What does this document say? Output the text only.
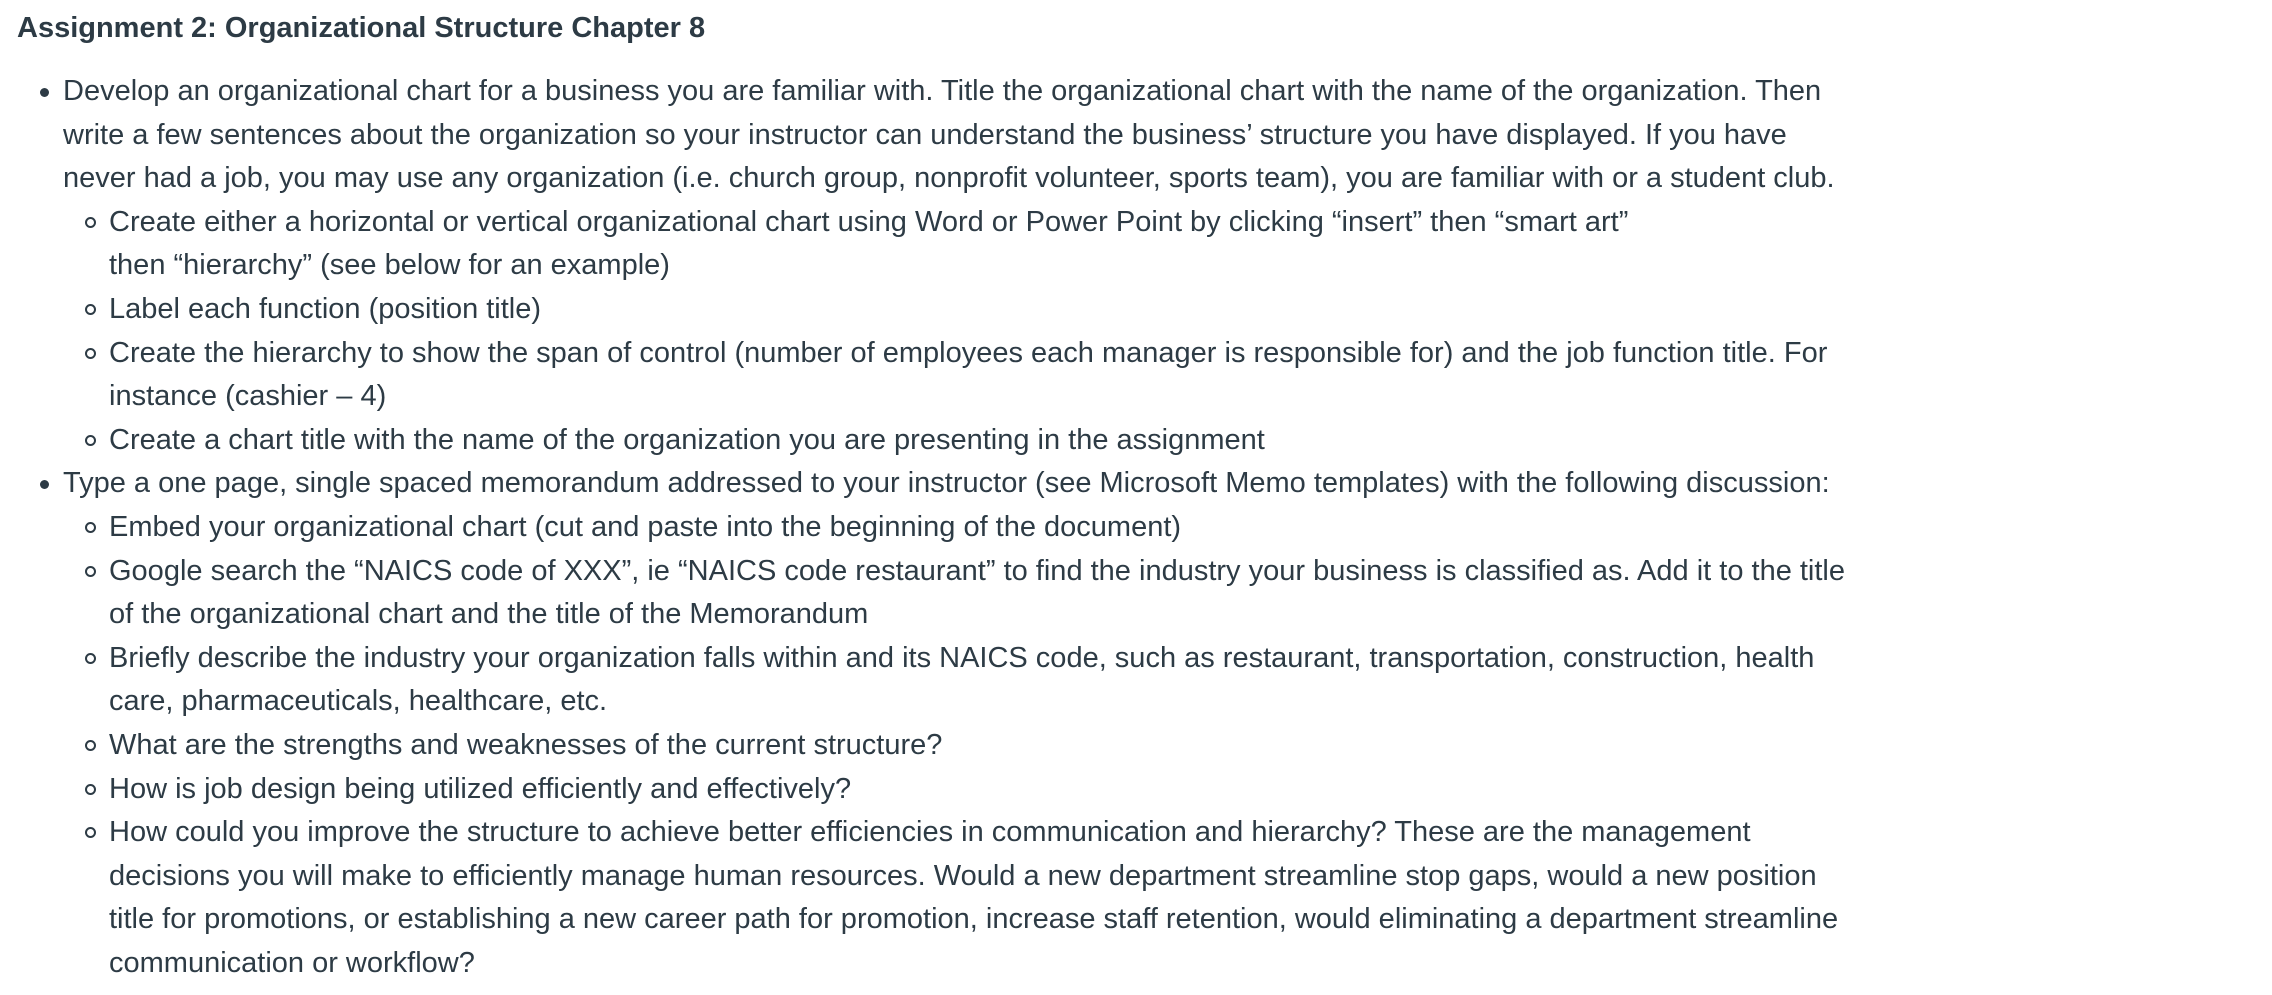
Assignment 2: Organizational Structure Chapter 8
Develop an organizational chart for a business you are familiar with. Title the organizational chart with the name of the organization. Then write a few sentences about the organization so your instructor can understand the business’ structure you have displayed. If you have never had a job, you may use any organization (i.e. church group, nonprofit volunteer, sports team), you are familiar with or a student club.
Create either a horizontal or vertical organizational chart using Word or Power Point by clicking “insert” then “smart art” then “hierarchy” (see below for an example)
Label each function (position title)
Create the hierarchy to show the span of control (number of employees each manager is responsible for) and the job function title. For instance (cashier – 4)
Create a chart title with the name of the organization you are presenting in the assignment
Type a one page, single spaced memorandum addressed to your instructor (see Microsoft Memo templates) with the following discussion:
Embed your organizational chart (cut and paste into the beginning of the document)
Google search the “NAICS code of XXX”, ie “NAICS code restaurant” to find the industry your business is classified as. Add it to the title of the organizational chart and the title of the Memorandum
Briefly describe the industry your organization falls within and its NAICS code, such as restaurant, transportation, construction, health care, pharmaceuticals, healthcare, etc.
What are the strengths and weaknesses of the current structure?
How is job design being utilized efficiently and effectively?
How could you improve the structure to achieve better efficiencies in communication and hierarchy? These are the management decisions you will make to efficiently manage human resources. Would a new department streamline stop gaps, would a new position title for promotions, or establishing a new career path for promotion, increase staff retention, would eliminating a department streamline communication or workflow?
